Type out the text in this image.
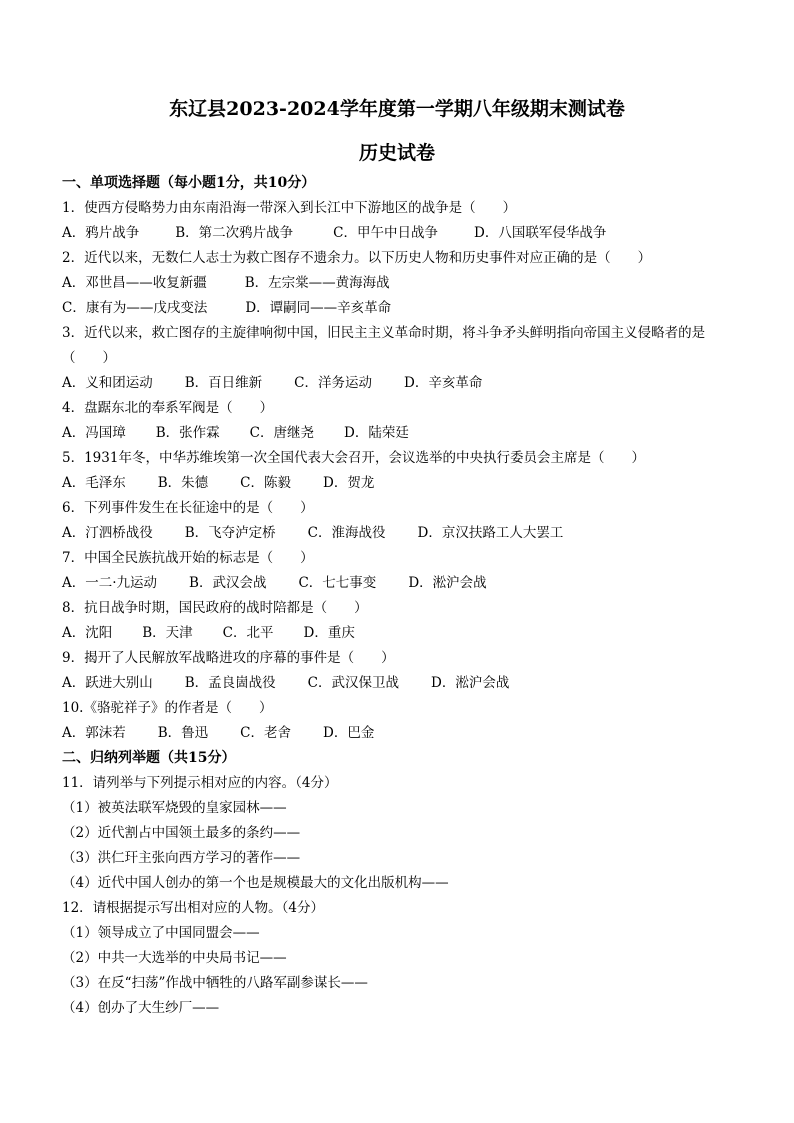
东辽县2023-2024学年度第一学期八年级期末测试卷
历史试卷
一、单项选择题（每小题1分，共10分）
1．使西方侵略势力由东南沿海一带深入到长江中下游地区的战争是（　　）
A．鸦片战争	B．第二次鸦片战争	C．甲午中日战争	D．八国联军侵华战争
2．近代以来，无数仁人志士为救亡图存不遗余力。以下历史人物和历史事件对应正确的是（　　）
A．邓世昌——收复新疆	B．左宗棠——黄海海战
C．康有为——戊戌变法	D．谭嗣同——辛亥革命
3．近代以来，救亡图存的主旋律响彻中国，旧民主主义革命时期，将斗争矛头鲜明指向帝国主义侵略者的是
（　　）
A．义和团运动 B．百日维新 C．洋务运动 D．辛亥革命
4．盘踞东北的奉系军阀是（　　）
A．冯国璋 B．张作霖 C．唐继尧 D．陆荣廷
5．1931年冬，中华苏维埃第一次全国代表大会召开，会议选举的中央执行委员会主席是（　　）
A．毛泽东 B．朱德 C．陈毅 D．贺龙
6．下列事件发生在长征途中的是（　　）
A．汀泗桥战役 B．飞夺泸定桥 C．淮海战役 D．京汉扶路工人大罢工
7．中国全民族抗战开始的标志是（　　）
A．一二·九运动 B．武汉会战 C．七七事变 D．淞沪会战
8．抗日战争时期，国民政府的战时陪都是（　　）
A．沈阳 B．天津 C．北平 D．重庆
9．揭开了人民解放军战略进攻的序幕的事件是（　　）
A．跃进大别山 B．孟良崮战役 C．武汉保卫战 D．淞沪会战
10.《骆驼祥子》的作者是（　　）
A．郭沫若 B．鲁迅 C．老舍 D．巴金
二、归纳列举题（共15分）
11．请列举与下列提示相对应的内容。（4分）
（1）被英法联军烧毁的皇家园林——
（2）近代割占中国领土最多的条约——
（3）洪仁玕主张向西方学习的著作——
（4）近代中国人创办的第一个也是规模最大的文化出版机构——
12．请根据提示写出相对应的人物。（4分）
（1）领导成立了中国同盟会——
（2）中共一大选举的中央局书记——
（3）在反“扫荡”作战中牺牲的八路军副参谋长——
（4）创办了大生纱厂——
